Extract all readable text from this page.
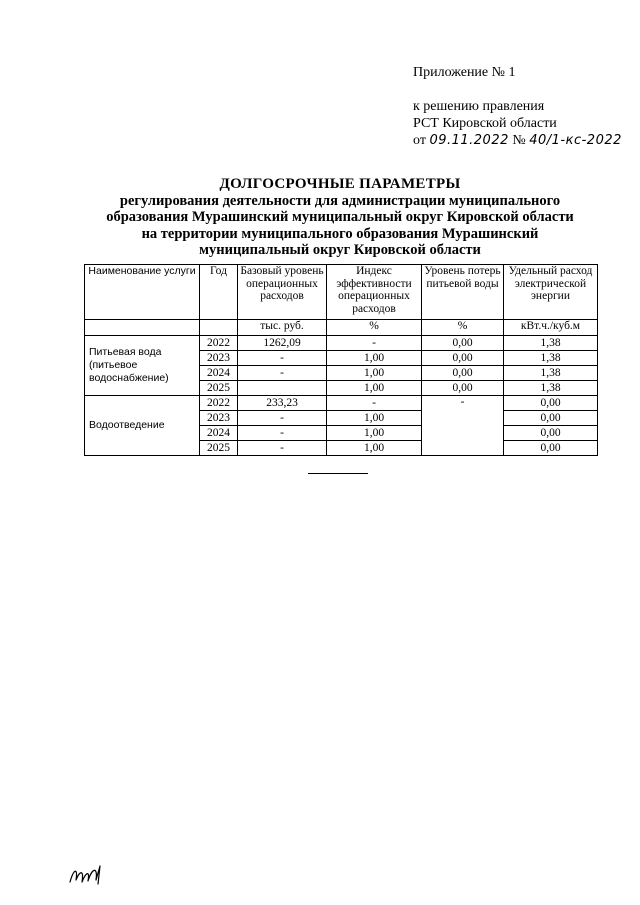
Приложение № 1
к решению правления
РСТ Кировской области
от 09.11.2022 № 40/1-кс-2022
ДОЛГОСРОЧНЫЕ ПАРАМЕТРЫ
регулирования деятельности для администрации муниципального
образования Мурашинский муниципальный округ Кировской области
на территории муниципального образования Мурашинский
муниципальный округ Кировской области
Наименование услуги	Год	Базовый уровень операционных расходов	Индекс эффективности операционных расходов	Уровень потерь питьевой воды	Удельный расход электрической энергии
		тыс. руб.	%	%	кВт.ч./куб.м
Питьевая вода (питьевое водоснабжение)	2022	1262,09	-	0,00	1,38
	2023	-	1,00	0,00	1,38
	2024	-	1,00	0,00	1,38
	2025		1,00	0,00	1,38
Водоотведение	2022	233,23	-	-	0,00
	2023	-	1,00		0,00
	2024	-	1,00		0,00
	2025	-	1,00		0,00
